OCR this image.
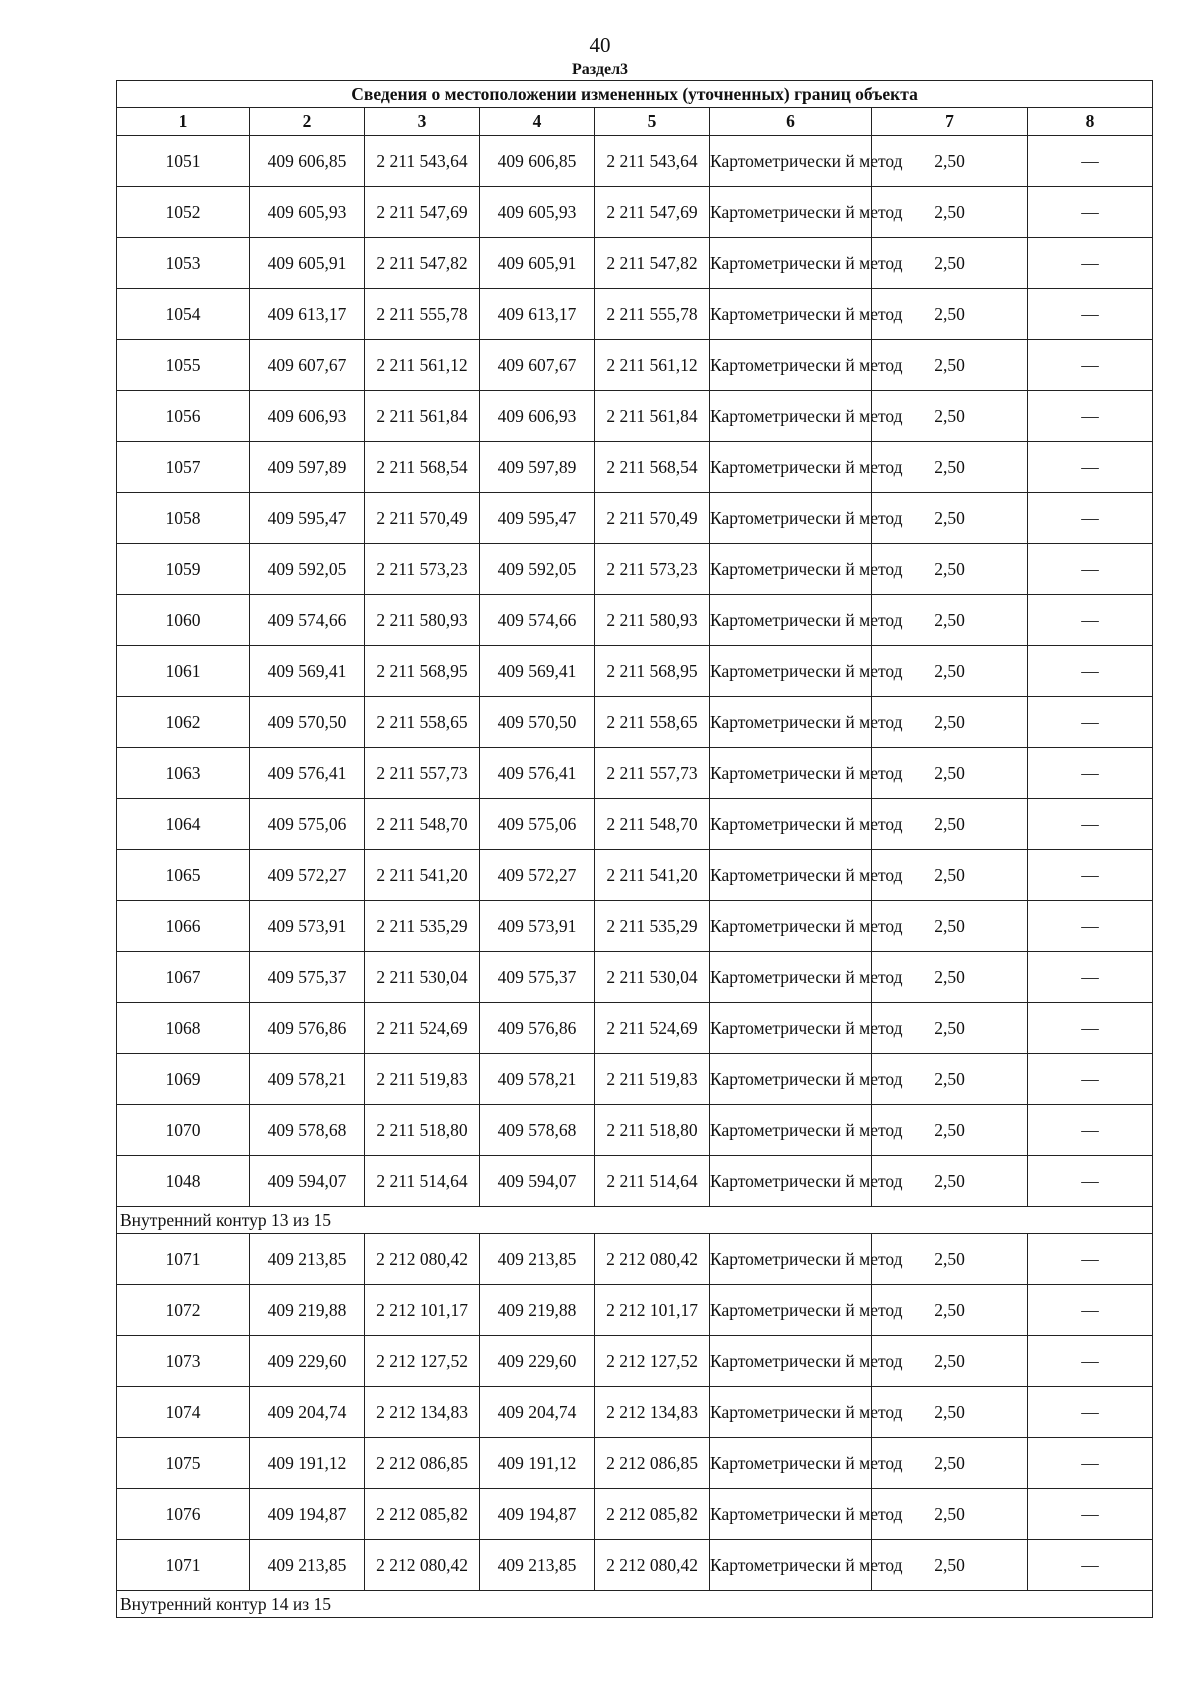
40
Раздел3
Сведения о местоположении измененных (уточненных) границ объекта							
1	2	3	4	5	6	7	8
1051	409 606,85	2 211 543,64	409 606,85	2 211 543,64	Картометрически й метод	2,50	—
1052	409 605,93	2 211 547,69	409 605,93	2 211 547,69	Картометрически й метод	2,50	—
1053	409 605,91	2 211 547,82	409 605,91	2 211 547,82	Картометрически й метод	2,50	—
1054	409 613,17	2 211 555,78	409 613,17	2 211 555,78	Картометрически й метод	2,50	—
1055	409 607,67	2 211 561,12	409 607,67	2 211 561,12	Картометрически й метод	2,50	—
1056	409 606,93	2 211 561,84	409 606,93	2 211 561,84	Картометрически й метод	2,50	—
1057	409 597,89	2 211 568,54	409 597,89	2 211 568,54	Картометрически й метод	2,50	—
1058	409 595,47	2 211 570,49	409 595,47	2 211 570,49	Картометрически й метод	2,50	—
1059	409 592,05	2 211 573,23	409 592,05	2 211 573,23	Картометрически й метод	2,50	—
1060	409 574,66	2 211 580,93	409 574,66	2 211 580,93	Картометрически й метод	2,50	—
1061	409 569,41	2 211 568,95	409 569,41	2 211 568,95	Картометрически й метод	2,50	—
1062	409 570,50	2 211 558,65	409 570,50	2 211 558,65	Картометрически й метод	2,50	—
1063	409 576,41	2 211 557,73	409 576,41	2 211 557,73	Картометрически й метод	2,50	—
1064	409 575,06	2 211 548,70	409 575,06	2 211 548,70	Картометрически й метод	2,50	—
1065	409 572,27	2 211 541,20	409 572,27	2 211 541,20	Картометрически й метод	2,50	—
1066	409 573,91	2 211 535,29	409 573,91	2 211 535,29	Картометрически й метод	2,50	—
1067	409 575,37	2 211 530,04	409 575,37	2 211 530,04	Картометрически й метод	2,50	—
1068	409 576,86	2 211 524,69	409 576,86	2 211 524,69	Картометрически й метод	2,50	—
1069	409 578,21	2 211 519,83	409 578,21	2 211 519,83	Картометрически й метод	2,50	—
1070	409 578,68	2 211 518,80	409 578,68	2 211 518,80	Картометрически й метод	2,50	—
1048	409 594,07	2 211 514,64	409 594,07	2 211 514,64	Картометрически й метод	2,50	—
Внутренний контур 13 из 15							
1071	409 213,85	2 212 080,42	409 213,85	2 212 080,42	Картометрически й метод	2,50	—
1072	409 219,88	2 212 101,17	409 219,88	2 212 101,17	Картометрически й метод	2,50	—
1073	409 229,60	2 212 127,52	409 229,60	2 212 127,52	Картометрически й метод	2,50	—
1074	409 204,74	2 212 134,83	409 204,74	2 212 134,83	Картометрически й метод	2,50	—
1075	409 191,12	2 212 086,85	409 191,12	2 212 086,85	Картометрически й метод	2,50	—
1076	409 194,87	2 212 085,82	409 194,87	2 212 085,82	Картометрически й метод	2,50	—
1071	409 213,85	2 212 080,42	409 213,85	2 212 080,42	Картометрически й метод	2,50	—
Внутренний контур 14 из 15							
